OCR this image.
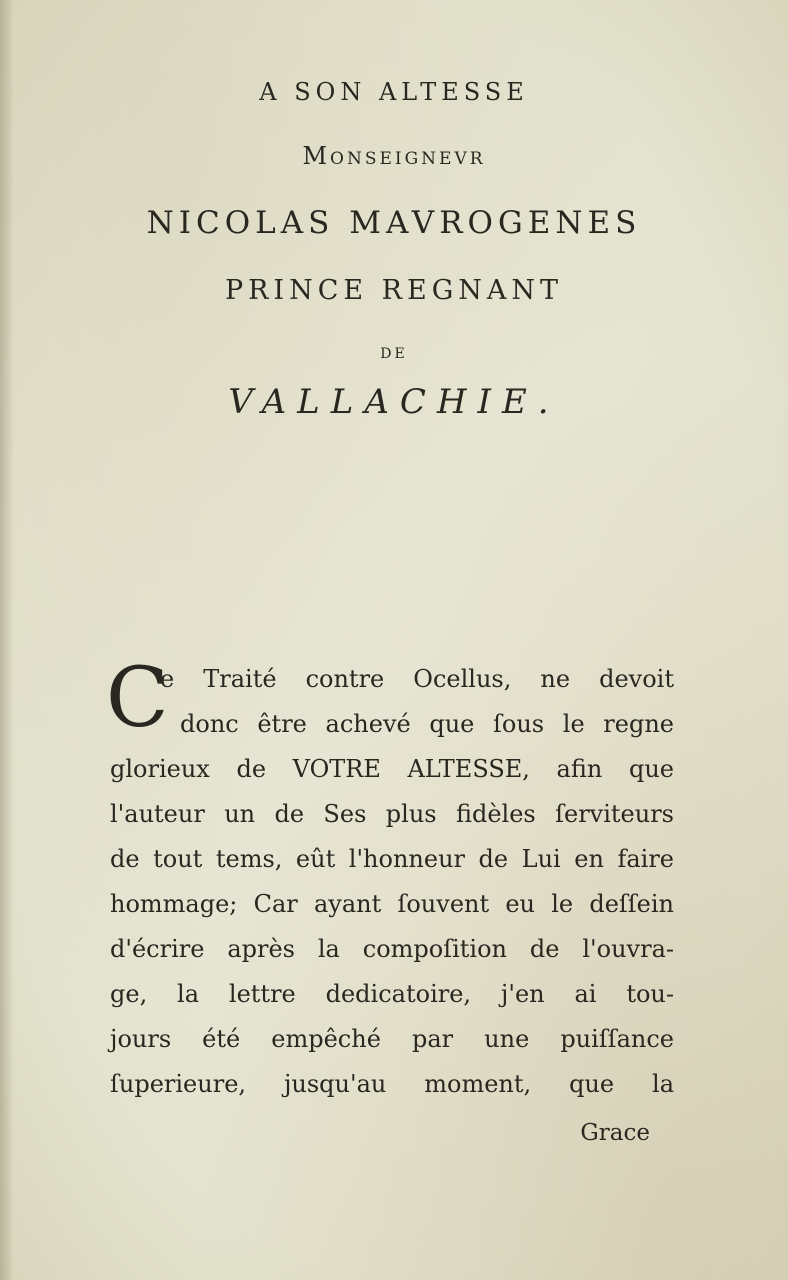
A SON ALTESSE
Monseignevr
NICOLAS MAVROGENES
PRINCE REGNANT
DE
VALLACHIE.
C
e Traité contre Ocellus, ne devoit
donc être achevé que ſous le regne
glorieux de VOTRE ALTESSE, afin que
l'auteur un de Ses plus fidèles ſerviteurs
de tout tems, eût l'honneur de Lui en faire
hommage; Car ayant ſouvent eu le deſſein
d'écrire après la compoſition de l'ouvra-
ge, la lettre dedicatoire, j'en ai tou-
jours été empêché par une puiſſance
ſuperieure, jusqu'au moment, que la
Grace
